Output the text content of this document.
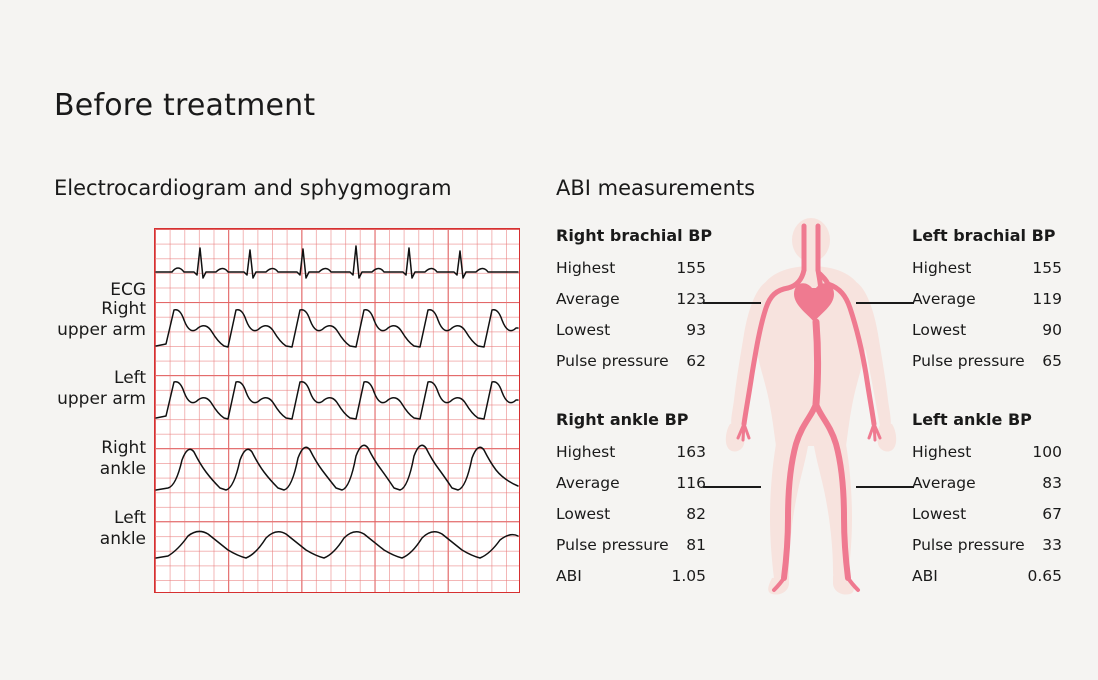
Before treatment
Electrocardiogram and sphygmogram
ECG
Right
upper arm
Left
upper arm
Right
ankle
Left
ankle
ABI measurements
Right brachial BP
Highest	155
Average	123
Lowest	93
Pulse pressure 62
Right ankle BP
Highest	163
Average	116
Lowest	82
Pulse pressure 81
ABI	1.05
Left brachial BP
Highest	155
Average	119
Lowest	90
Pulse pressure 65
Left ankle BP
Highest	100
Average	83
Lowest	67
Pulse pressure 33
ABI	0.65
